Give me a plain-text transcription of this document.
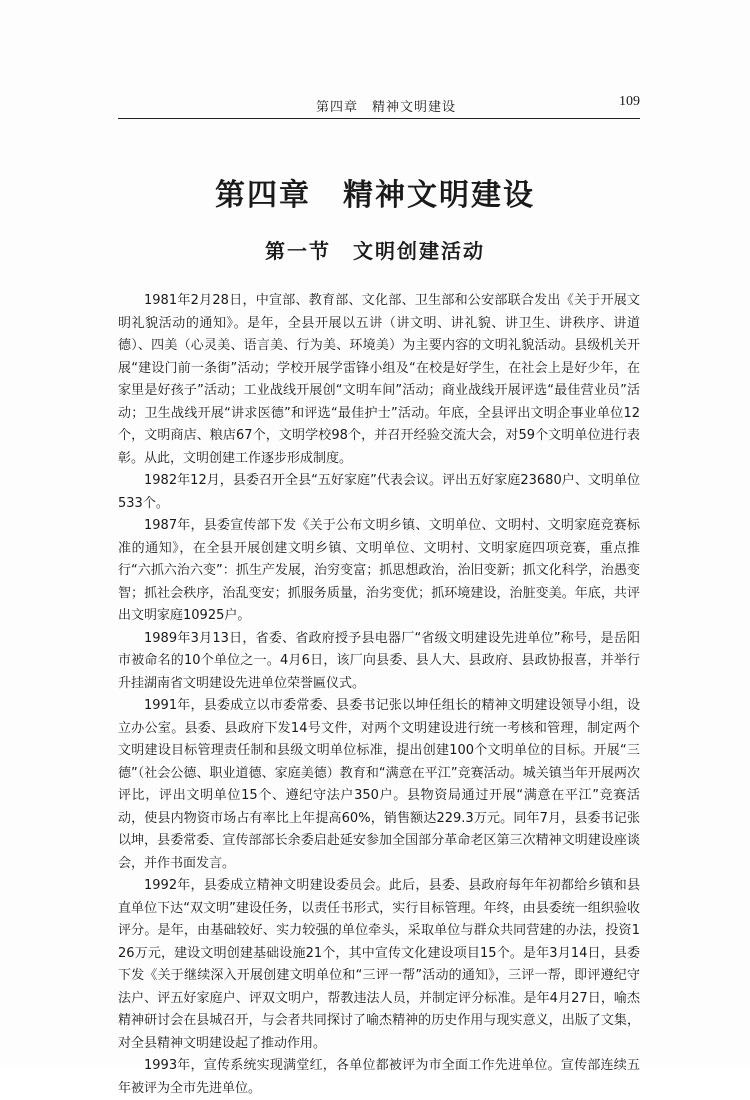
第四章　精神文明建设	109
第四章　精神文明建设
第一节　文明创建活动

1981年2月28日，中宣部、教育部、文化部、卫生部和公安部联合发出《关于开展文明礼貌活动的通知》。是年，全县开展以五讲（讲文明、讲礼貌、讲卫生、讲秩序、讲道德）、四美（心灵美、语言美、行为美、环境美）为主要内容的文明礼貌活动。县级机关开展“建设门前一条街”活动；学校开展学雷锋小组及“在校是好学生，在社会上是好少年，在家里是好孩子”活动；工业战线开展创“文明车间”活动；商业战线开展评选“最佳营业员”活动；卫生战线开展“讲求医德”和评选“最佳护士”活动。年底，全县评出文明企事业单位12个，文明商店、粮店67个，文明学校98个，并召开经验交流大会，对59个文明单位进行表彰。从此，文明创建工作逐步形成制度。

1982年12月，县委召开全县“五好家庭”代表会议。评出五好家庭23680户、文明单位533个。

1987年，县委宣传部下发《关于公布文明乡镇、文明单位、文明村、文明家庭竞赛标准的通知》，在全县开展创建文明乡镇、文明单位、文明村、文明家庭四项竞赛，重点推行“六抓六治六变”：抓生产发展，治穷变富；抓思想政治，治旧变新；抓文化科学，治愚变智；抓社会秩序，治乱变安；抓服务质量，治劣变优；抓环境建设，治脏变美。年底，共评出文明家庭10925户。

1989年3月13日，省委、省政府授予县电器厂“省级文明建设先进单位”称号，是岳阳市被命名的10个单位之一。4月6日，该厂向县委、县人大、县政府、县政协报喜，并举行升挂湖南省文明建设先进单位荣誉匾仪式。

1991年，县委成立以市委常委、县委书记张以坤任组长的精神文明建设领导小组，设立办公室。县委、县政府下发14号文件，对两个文明建设进行统一考核和管理，制定两个文明建设目标管理责任制和县级文明单位标准，提出创建100个文明单位的目标。开展“三德”（社会公德、职业道德、家庭美德）教育和“满意在平江”竞赛活动。城关镇当年开展两次评比，评出文明单位15个、遵纪守法户350户。县物资局通过开展“满意在平江”竞赛活动，使县内物资市场占有率比上年提高60%，销售额达229.3万元。同年7月，县委书记张以坤，县委常委、宣传部部长余委启赴延安参加全国部分革命老区第三次精神文明建设座谈会，并作书面发言。

1992年，县委成立精神文明建设委员会。此后，县委、县政府每年年初都给乡镇和县直单位下达“双文明”建设任务，以责任书形式，实行目标管理。年终，由县委统一组织验收评分。是年，由基础较好、实力较强的单位牵头，采取单位与群众共同营建的办法，投资126万元，建设文明创建基础设施21个，其中宣传文化建设项目15个。是年3月14日，县委下发《关于继续深入开展创建文明单位和“三评一帮”活动的通知》，三评一帮，即评遵纪守法户、评五好家庭户、评双文明户，帮教违法人员，并制定评分标准。是年4月27日，喻杰精神研讨会在县城召开，与会者共同探讨了喻杰精神的历史作用与现实意义，出版了文集，对全县精神文明建设起了推动作用。

1993年，宣传系统实现满堂红，各单位都被评为市全面工作先进单位。宣传部连续五年被评为全市先进单位。
